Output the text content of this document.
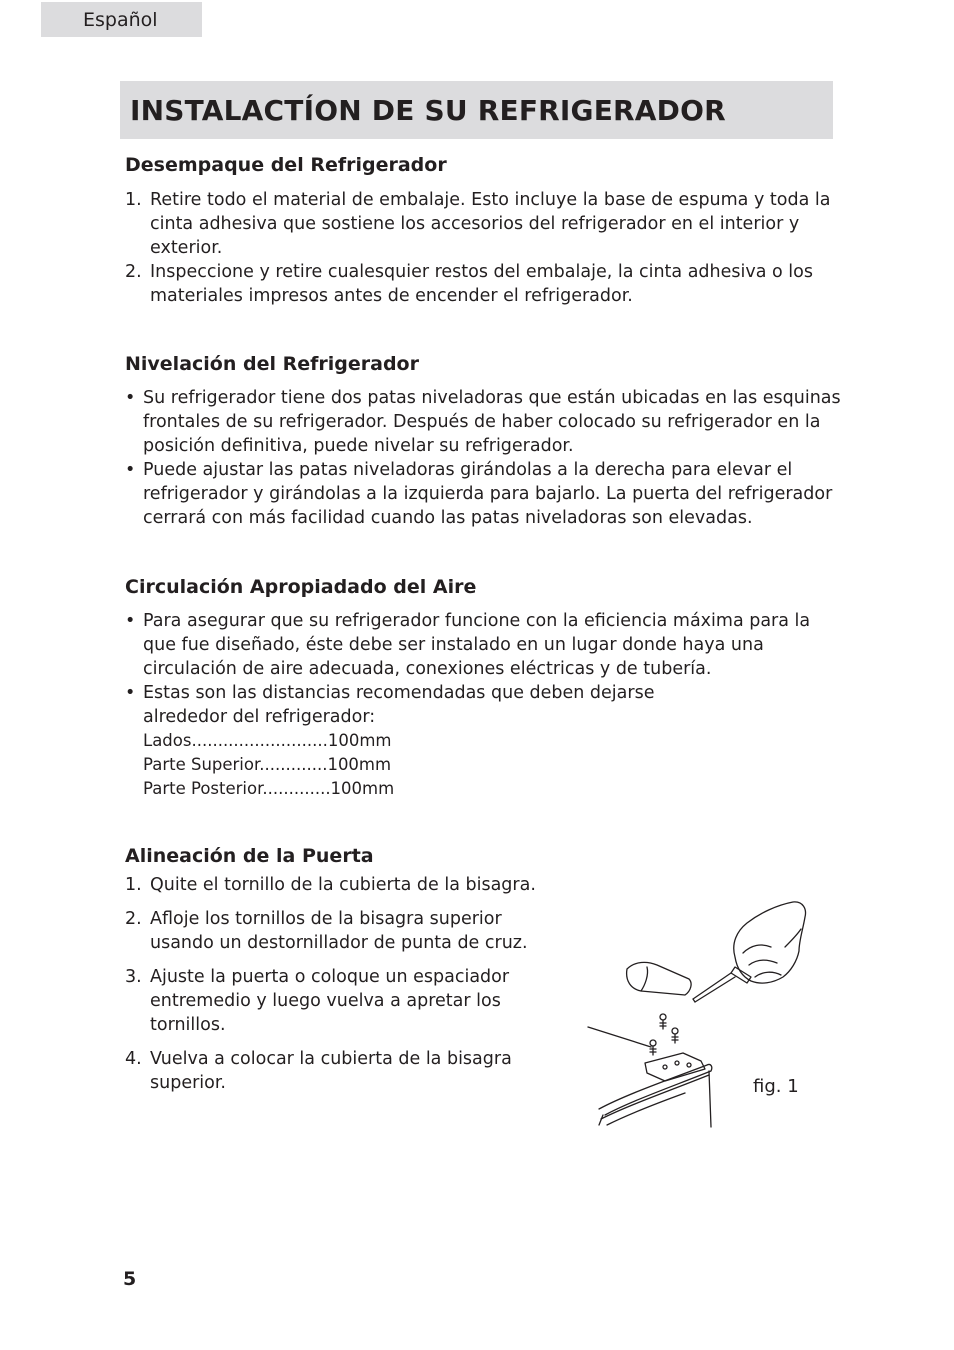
Español
INSTALACTÍON DE SU REFRIGERADOR
Desempaque del Refrigerador

1. Retire todo el material de embalaje. Esto incluye la base de espuma y toda la cinta adhesiva que sostiene los accesorios del refrigerador en el interior y exterior.

2. Inspeccione y retire cualesquier restos del embalaje, la cinta adhesiva o los materiales impresos antes de encender el refrigerador.

Nivelación del Refrigerador

• Su refrigerador tiene dos patas niveladoras que están ubicadas en las esquinas frontales de su refrigerador. Después de haber colocado su refrigerador en la posición definitiva, puede nivelar su refrigerador.

• Puede ajustar las patas niveladoras girándolas a la derecha para elevar el refrigerador y girándolas a la izquierda para bajarlo. La puerta del refrigerador cerrará con más facilidad cuando las patas niveladoras son elevadas.

Circulación Apropiadado del Aire

• Para asegurar que su refrigerador funcione con la eficiencia máxima para la que fue diseñado, éste debe ser instalado en un lugar donde haya una circulación de aire adecuada, conexiones eléctricas y de tubería.

• Estas son las distancias recomendadas que deben dejarse alrededor del refrigerador:

Lados..........................100mm
Parte Superior.............100mm
Parte Posterior.............100mm
Alineación de la Puerta

1. Quite el tornillo de la cubierta de la bisagra.

2. Afloje los tornillos de la bisagra superior usando un destornillador de punta de cruz.

3. Ajuste la puerta o coloque un espaciador entremedio y luego vuelva a apretar los tornillos.

4. Vuelva a colocar la cubierta de la bisagra superior.	fig. 1
5
